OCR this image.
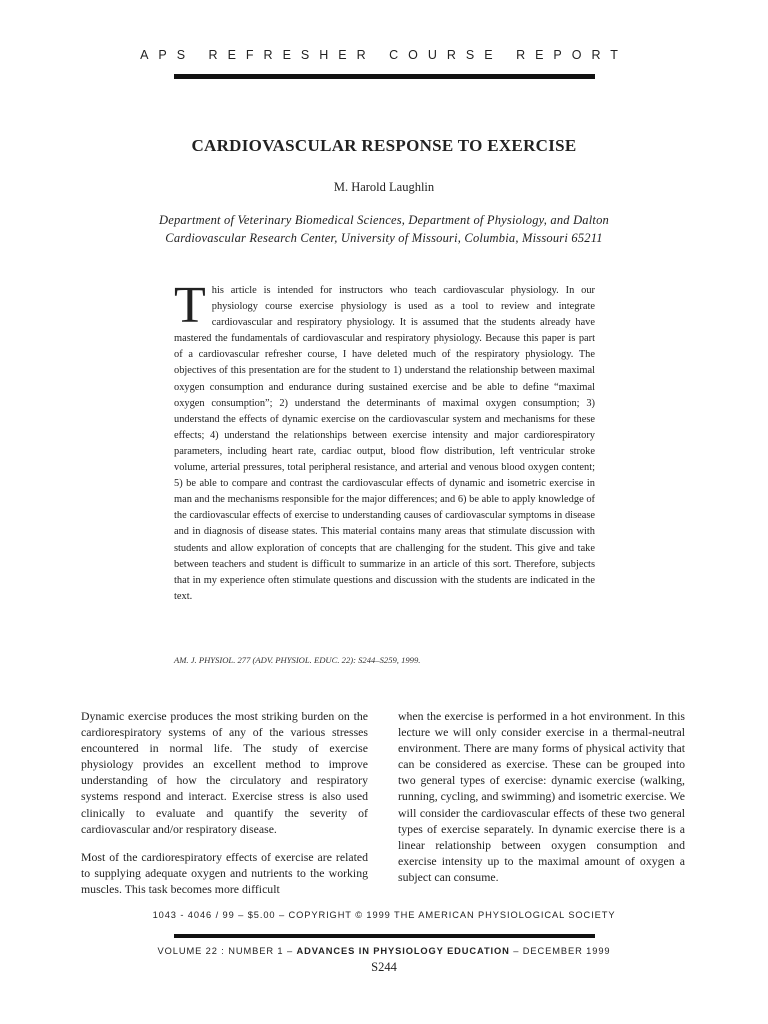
APS REFRESHER COURSE REPORT
CARDIOVASCULAR RESPONSE TO EXERCISE
M. Harold Laughlin
Department of Veterinary Biomedical Sciences, Department of Physiology, and Dalton
Cardiovascular Research Center, University of Missouri, Columbia, Missouri 65211
This article is intended for instructors who teach cardiovascular physiology. In our physiology course exercise physiology is used as a tool to review and integrate cardiovascular and respiratory physiology. It is assumed that the students already have mastered the fundamentals of cardiovascular and respiratory physiology. Because this paper is part of a cardiovascular refresher course, I have deleted much of the respiratory physiology. The objectives of this presentation are for the student to 1) understand the relationship between maximal oxygen consumption and endurance during sustained exercise and be able to define “maximal oxygen consumption”; 2) understand the determinants of maximal oxygen consumption; 3) understand the effects of dynamic exercise on the cardiovascular system and mechanisms for these effects; 4) understand the relationships between exercise intensity and major cardiorespiratory parameters, including heart rate, cardiac output, blood flow distribution, left ventricular stroke volume, arterial pressures, total peripheral resistance, and arterial and venous blood oxygen content; 5) be able to compare and contrast the cardiovascular effects of dynamic and isometric exercise in man and the mechanisms responsible for the major differences; and 6) be able to apply knowledge of the cardiovascular effects of exercise to understanding causes of cardiovascular symptoms in disease and in diagnosis of disease states. This material contains many areas that stimulate discussion with students and allow exploration of concepts that are challenging for the student. This give and take between teachers and student is difficult to summarize in an article of this sort. Therefore, subjects that in my experience often stimulate questions and discussion with the students are indicated in the text.
AM. J. PHYSIOL. 277 (ADV. PHYSIOL. EDUC. 22): S244–S259, 1999.

Dynamic exercise produces the most striking burden on the cardiorespiratory systems of any of the various stresses encountered in normal life. The study of exercise physiology provides an excellent method to improve understanding of how the circulatory and respiratory systems respond and interact. Exercise stress is also used clinically to evaluate and quantify the severity of cardiovascular and/or respiratory disease.

Most of the cardiorespiratory effects of exercise are related to supplying adequate oxygen and nutrients to the working muscles. This task becomes more difficult

when the exercise is performed in a hot environment. In this lecture we will only consider exercise in a thermal-neutral environment. There are many forms of physical activity that can be considered as exercise. These can be grouped into two general types of exercise: dynamic exercise (walking, running, cycling, and swimming) and isometric exercise. We will consider the cardiovascular effects of these two general types of exercise separately. In dynamic exercise there is a linear relationship between oxygen consumption and exercise intensity up to the maximal amount of oxygen a subject can consume.

1043 - 4046 / 99 – $5.00 – COPYRIGHT © 1999 THE AMERICAN PHYSIOLOGICAL SOCIETY
VOLUME 22 : NUMBER 1 – ADVANCES IN PHYSIOLOGY EDUCATION – DECEMBER 1999
S244
